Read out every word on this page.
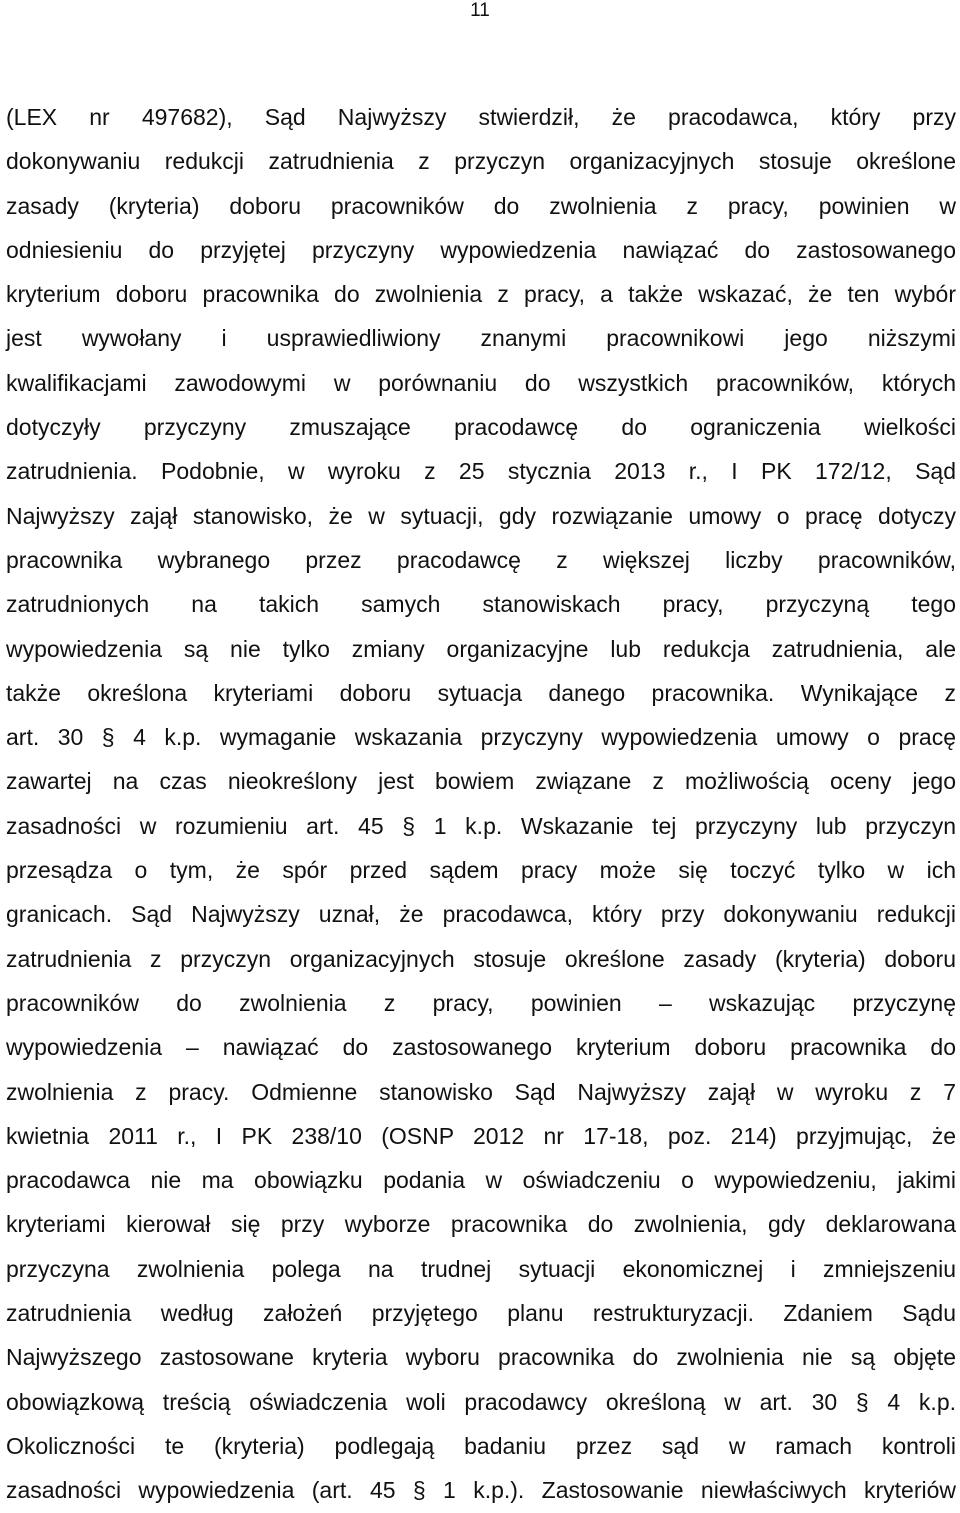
11
(LEX nr 497682), Sąd Najwyższy stwierdził, że pracodawca, który przy
dokonywaniu redukcji zatrudnienia z przyczyn organizacyjnych stosuje określone
zasady (kryteria) doboru pracowników do zwolnienia z pracy, powinien w
odniesieniu do przyjętej przyczyny wypowiedzenia nawiązać do zastosowanego
kryterium doboru pracownika do zwolnienia z pracy, a także wskazać, że ten wybór
jest wywołany i usprawiedliwiony znanymi pracownikowi jego niższymi
kwalifikacjami zawodowymi w porównaniu do wszystkich pracowników, których
dotyczyły przyczyny zmuszające pracodawcę do ograniczenia wielkości
zatrudnienia. Podobnie, w wyroku z 25 stycznia 2013 r., I PK 172/12, Sąd
Najwyższy zajął stanowisko, że w sytuacji, gdy rozwiązanie umowy o pracę dotyczy
pracownika wybranego przez pracodawcę z większej liczby pracowników,
zatrudnionych na takich samych stanowiskach pracy, przyczyną tego
wypowiedzenia są nie tylko zmiany organizacyjne lub redukcja zatrudnienia, ale
także określona kryteriami doboru sytuacja danego pracownika. Wynikające z
art. 30 § 4 k.p. wymaganie wskazania przyczyny wypowiedzenia umowy o pracę
zawartej na czas nieokreślony jest bowiem związane z możliwością oceny jego
zasadności w rozumieniu art. 45 § 1 k.p. Wskazanie tej przyczyny lub przyczyn
przesądza o tym, że spór przed sądem pracy może się toczyć tylko w ich
granicach. Sąd Najwyższy uznał, że pracodawca, który przy dokonywaniu redukcji
zatrudnienia z przyczyn organizacyjnych stosuje określone zasady (kryteria) doboru
pracowników do zwolnienia z pracy, powinien – wskazując przyczynę
wypowiedzenia – nawiązać do zastosowanego kryterium doboru pracownika do
zwolnienia z pracy. Odmienne stanowisko Sąd Najwyższy zajął w wyroku z 7
kwietnia 2011 r., I PK 238/10 (OSNP 2012 nr 17-18, poz. 214) przyjmując, że
pracodawca nie ma obowiązku podania w oświadczeniu o wypowiedzeniu, jakimi
kryteriami kierował się przy wyborze pracownika do zwolnienia, gdy deklarowana
przyczyna zwolnienia polega na trudnej sytuacji ekonomicznej i zmniejszeniu
zatrudnienia według założeń przyjętego planu restrukturyzacji. Zdaniem Sądu
Najwyższego zastosowane kryteria wyboru pracownika do zwolnienia nie są objęte
obowiązkową treścią oświadczenia woli pracodawcy określoną w art. 30 § 4 k.p.
Okoliczności te (kryteria) podlegają badaniu przez sąd w ramach kontroli
zasadności wypowiedzenia (art. 45 § 1 k.p.). Zastosowanie niewłaściwych kryteriów
